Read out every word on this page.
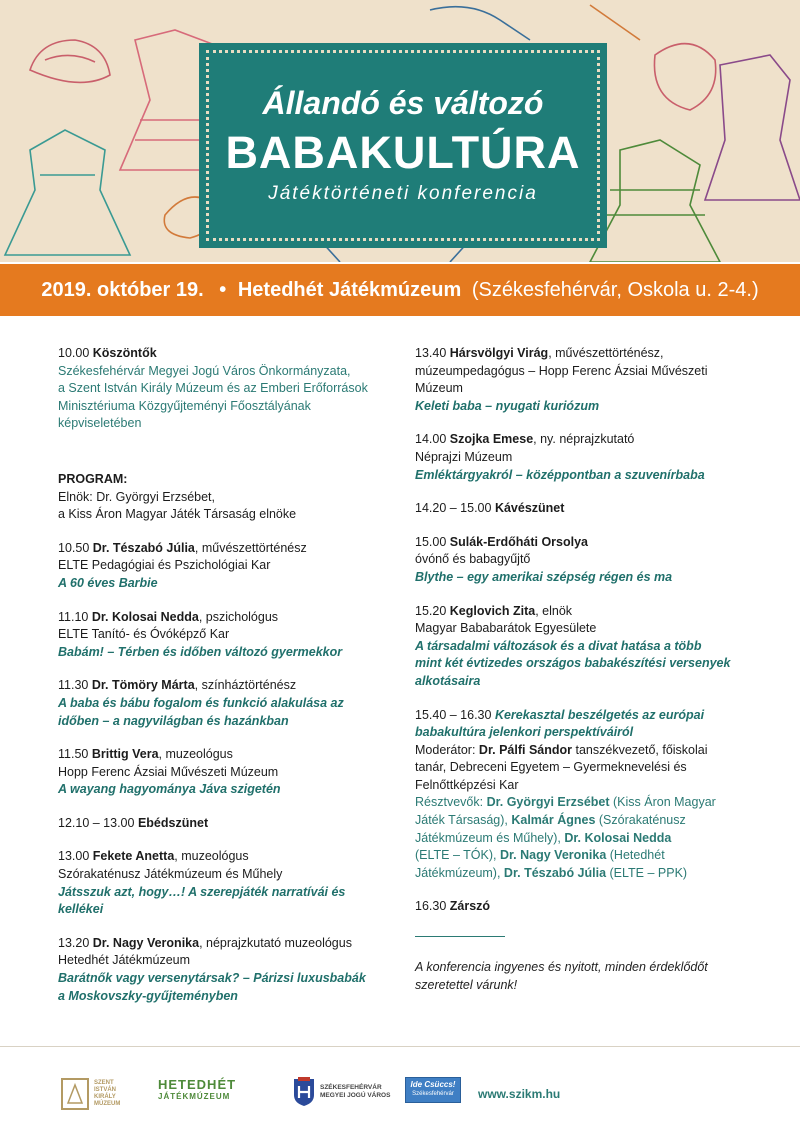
Állandó és változó
BABAKULTÚRA
Játéktörténeti konferencia
2019. október 19. • Hetedhét Játékmúzeum (Székesfehérvár, Oskola u. 2-4.)
10.00 Köszöntők
Székesfehérvár Megyei Jogú Város Önkormányzata,
a Szent István Király Múzeum és az Emberi Erőforrások
Minisztériuma Közgyűjteményi Főosztályának
képviseletében
PROGRAM:
Elnök: Dr. Györgyi Erzsébet,
a Kiss Áron Magyar Játék Társaság elnöke
10.50 Dr. Tészabó Júlia, művészettörténész
ELTE Pedagógiai és Pszichológiai Kar
A 60 éves Barbie
11.10 Dr. Kolosai Nedda, pszichológus
ELTE Tanító- és Óvóképző Kar
Babám! – Térben és időben változó gyermekkor
11.30 Dr. Tömöry Márta, színháztörténész
A baba és bábu fogalom és funkció alakulása az
időben – a nagyvilágban és hazánkban
11.50 Brittig Vera, muzeológus
Hopp Ferenc Ázsiai Művészeti Múzeum
A wayang hagyománya Jáva szigetén
12.10 – 13.00 Ebédszünet
13.00 Fekete Anetta, muzeológus
Szórakaténusz Játékmúzeum és Műhely
Játsszuk azt, hogy…! A szerepjáték narratívái és
kellékei
13.20 Dr. Nagy Veronika, néprajzkutató muzeológus
Hetedhét Játékmúzeum
Barátnők vagy versenytársak? – Párizsi luxusbabák
a Moskovszky-gyűjteményben
13.40 Hársvölgyi Virág, művészettörténész,
múzeumpedagógus – Hopp Ferenc Ázsiai Művészeti
Múzeum
Keleti baba – nyugati kuriózum
14.00 Szojka Emese, ny. néprajzkutató
Néprajzi Múzeum
Emléktárgyakról – középpontban a szuvenírbaba
14.20 – 15.00 Kávészünet
15.00 Sulák-Erdőháti Orsolya
óvónő és babagyűjtő
Blythe – egy amerikai szépség régen és ma
15.20 Keglovich Zita, elnök
Magyar Bababarátok Egyesülete
A társadalmi változások és a divat hatása a több
mint két évtizedes országos babakészítési versenyek
alkotásaira
15.40 – 16.30 Kerekasztal beszélgetés az európai
babakultúra jelenkori perspektíváiról
Moderátor: Dr. Pálfi Sándor tanszékvezető, főiskolai
tanár, Debreceni Egyetem – Gyermeknevelési és
Felnőttképzési Kar
Résztvevők: Dr. Györgyi Erzsébet (Kiss Áron Magyar
Játék Társaság), Kalmár Ágnes (Szórakaténusz
Játékmúzeum és Műhely), Dr. Kolosai Nedda
(ELTE – TÓK), Dr. Nagy Veronika (Hetedhét
Játékmúzeum), Dr. Tészabó Júlia (ELTE – PPK)
16.30 Zárszó
A konferencia ingyenes és nyitott, minden érdeklődőt
szeretettel várunk!
SZENT
ISTVÁN
KIRÁLY
MÚZEUM
HETEDHÉT
JÁTÉKMÚZEUM
SZÉKESFEHÉRVÁR
MEGYEI JOGÚ VÁROS
Ide Csüccs!
Székesfehérvár	www.szikm.hu
